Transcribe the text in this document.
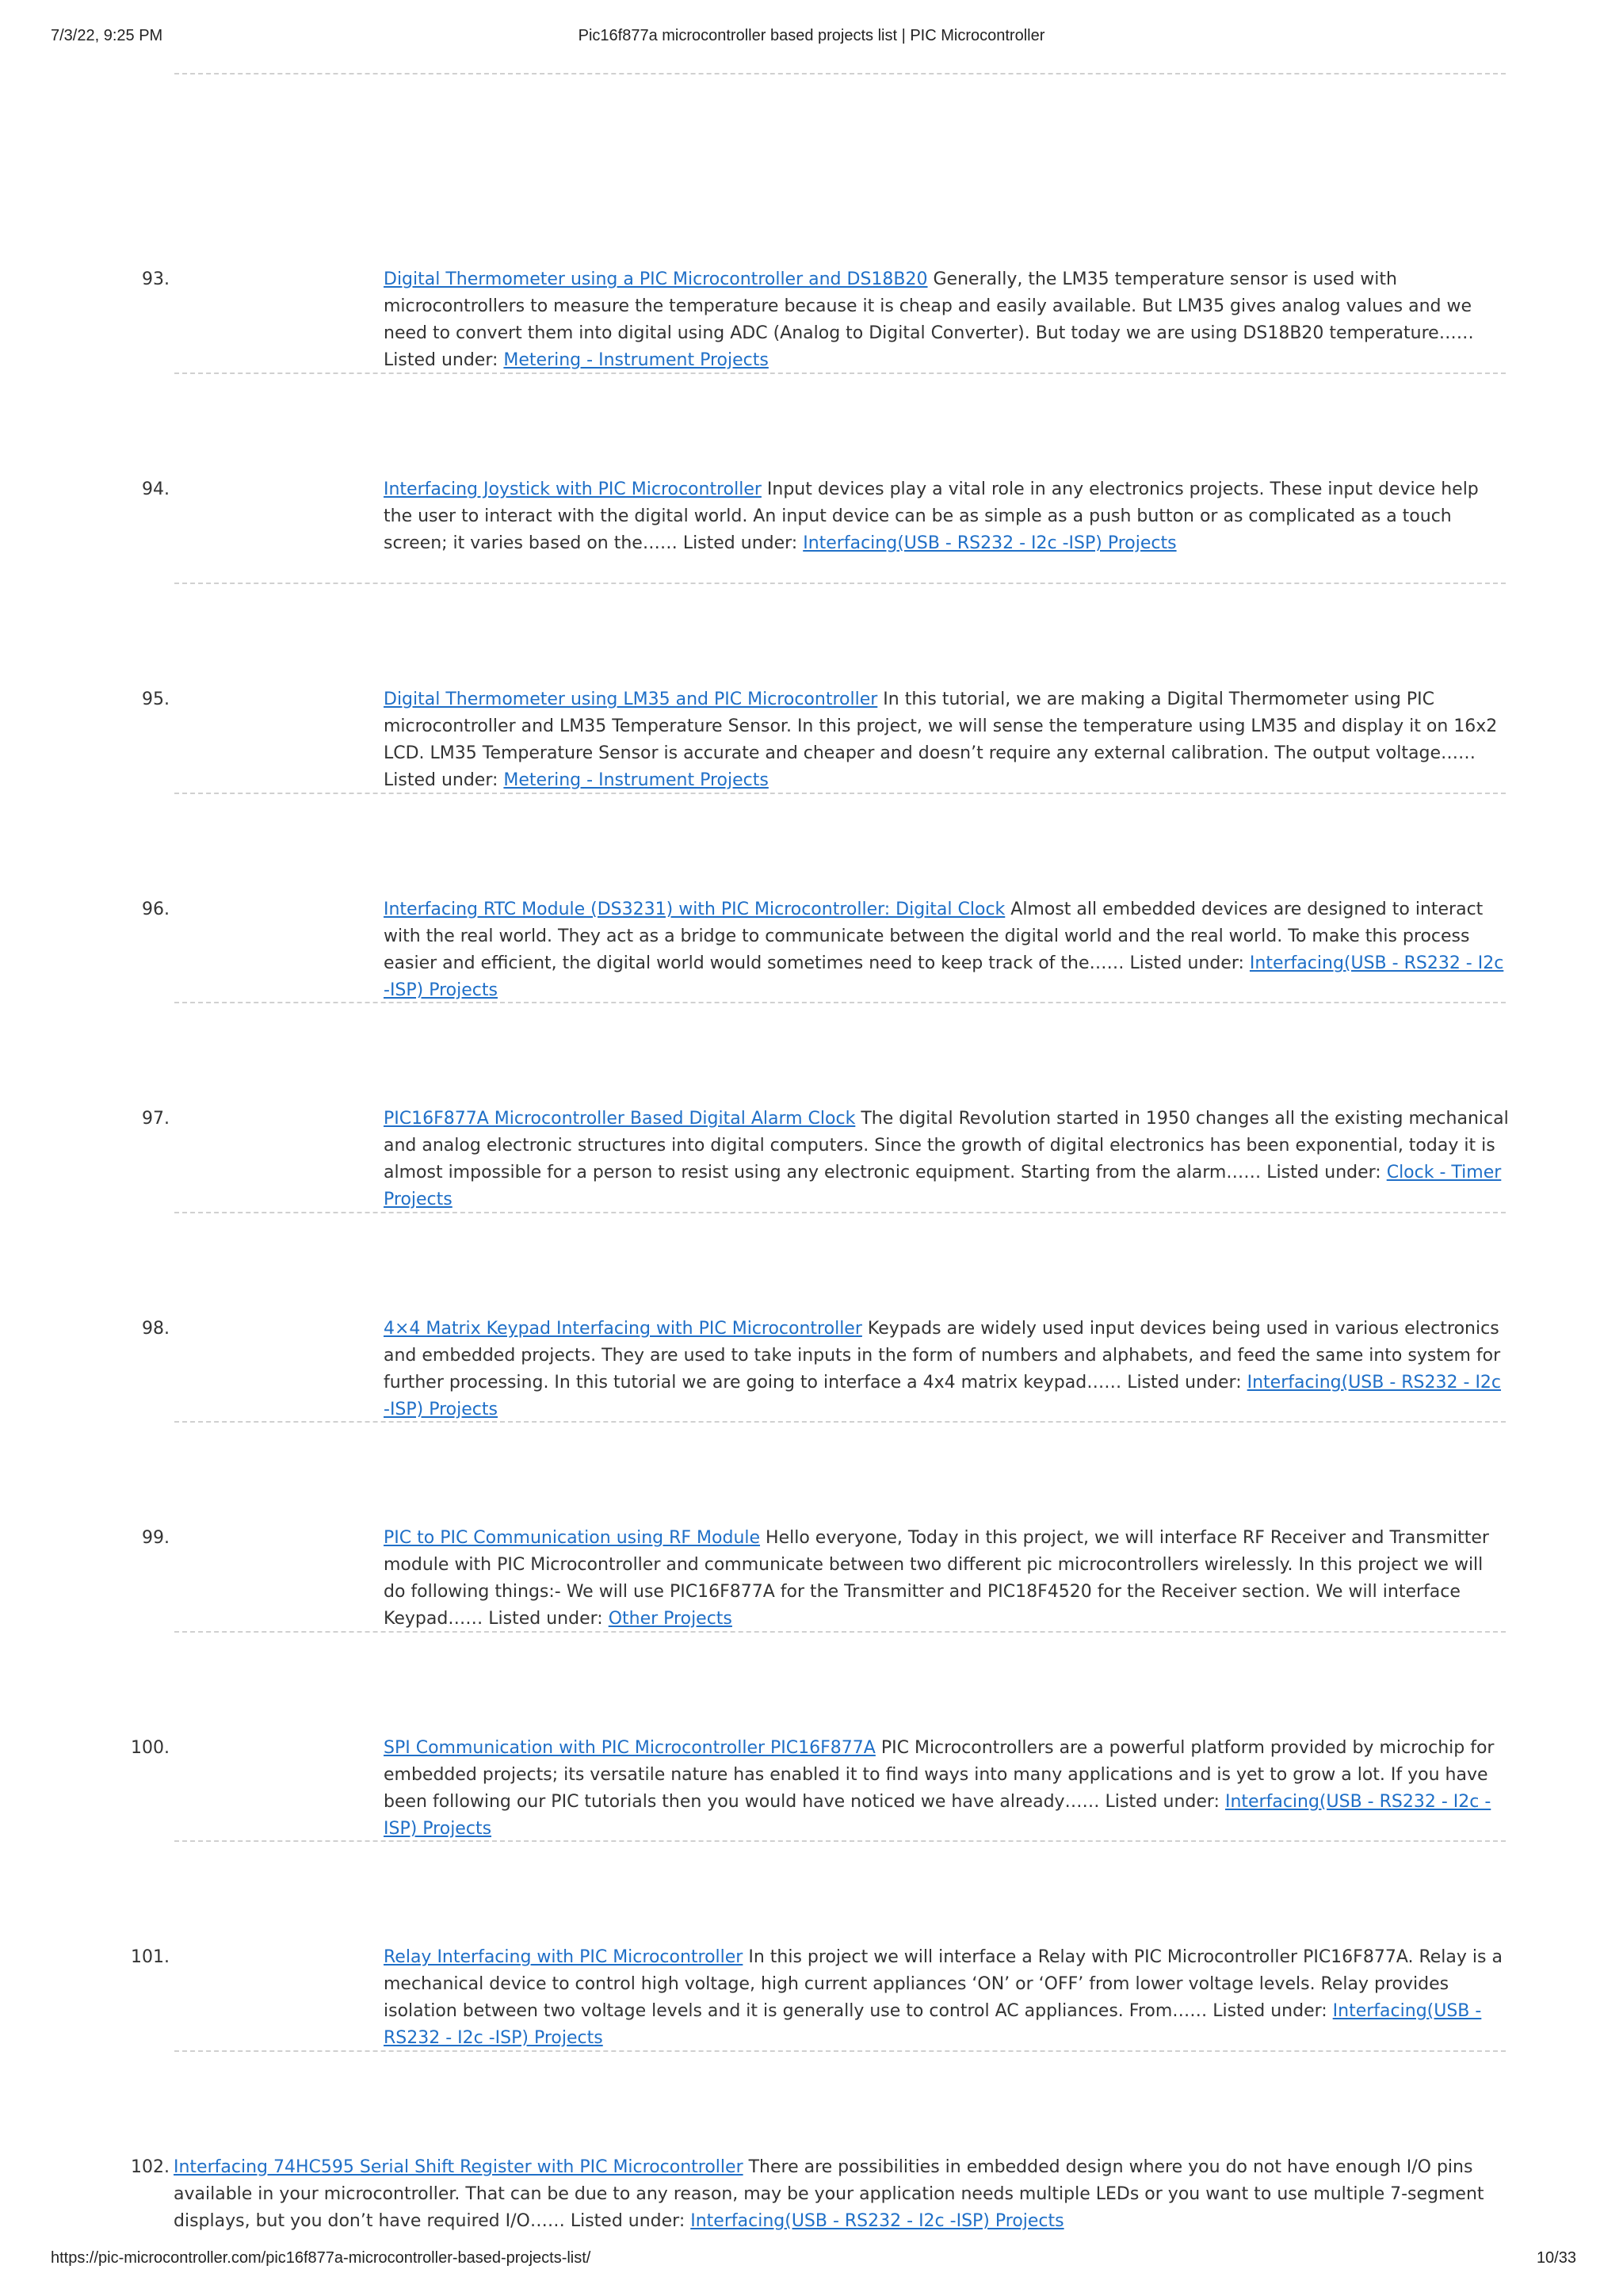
7/3/22, 9:25 PM	Pic16f877a microcontroller based projects list | PIC Microcontroller
93.	Digital Thermometer using a PIC Microcontroller and DS18B20 Generally, the LM35 temperature sensor is used with microcontrollers to measure the temperature because it is cheap and easily available. But LM35 gives analog values and we need to convert them into digital using ADC (Analog to Digital Converter). But today we are using DS18B20 temperature…… Listed under: Metering - Instrument Projects
94.	Interfacing Joystick with PIC Microcontroller Input devices play a vital role in any electronics projects. These input device help the user to interact with the digital world. An input device can be as simple as a push button or as complicated as a touch screen; it varies based on the…… Listed under: Interfacing(USB - RS232 - I2c -ISP) Projects
95.	Digital Thermometer using LM35 and PIC Microcontroller In this tutorial, we are making a Digital Thermometer using PIC microcontroller and LM35 Temperature Sensor. In this project, we will sense the temperature using LM35 and display it on 16x2 LCD. LM35 Temperature Sensor is accurate and cheaper and doesn’t require any external calibration. The output voltage…… Listed under: Metering - Instrument Projects
96.	Interfacing RTC Module (DS3231) with PIC Microcontroller: Digital Clock Almost all embedded devices are designed to interact with the real world. They act as a bridge to communicate between the digital world and the real world. To make this process easier and efficient, the digital world would sometimes need to keep track of the…… Listed under: Interfacing(USB - RS232 - I2c -ISP) Projects
97.	PIC16F877A Microcontroller Based Digital Alarm Clock The digital Revolution started in 1950 changes all the existing mechanical and analog electronic structures into digital computers. Since the growth of digital electronics has been exponential, today it is almost impossible for a person to resist using any electronic equipment. Starting from the alarm…… Listed under: Clock - Timer Projects
98.	4×4 Matrix Keypad Interfacing with PIC Microcontroller Keypads are widely used input devices being used in various electronics and embedded projects. They are used to take inputs in the form of numbers and alphabets, and feed the same into system for further processing. In this tutorial we are going to interface a 4x4 matrix keypad…… Listed under: Interfacing(USB - RS232 - I2c -ISP) Projects
99.	PIC to PIC Communication using RF Module Hello everyone, Today in this project, we will interface RF Receiver and Transmitter module with PIC Microcontroller and communicate between two different pic microcontrollers wirelessly. In this project we will do following things:- We will use PIC16F877A for the Transmitter and PIC18F4520 for the Receiver section. We will interface Keypad…… Listed under: Other Projects
100.	SPI Communication with PIC Microcontroller PIC16F877A PIC Microcontrollers are a powerful platform provided by microchip for embedded projects; its versatile nature has enabled it to find ways into many applications and is yet to grow a lot. If you have been following our PIC tutorials then you would have noticed we have already…… Listed under: Interfacing(USB - RS232 - I2c -ISP) Projects
101.	Relay Interfacing with PIC Microcontroller In this project we will interface a Relay with PIC Microcontroller PIC16F877A. Relay is a mechanical device to control high voltage, high current appliances ‘ON’ or ‘OFF’ from lower voltage levels. Relay provides isolation between two voltage levels and it is generally use to control AC appliances. From…… Listed under: Interfacing(USB - RS232 - I2c -ISP) Projects
102. Interfacing 74HC595 Serial Shift Register with PIC Microcontroller There are possibilities in embedded design where you do not have enough I/O pins available in your microcontroller. That can be due to any reason, may be your application needs multiple LEDs or you want to use multiple 7-segment displays, but you don’t have required I/O…… Listed under: Interfacing(USB - RS232 - I2c -ISP) Projects
https://pic-microcontroller.com/pic16f877a-microcontroller-based-projects-list/	10/33
